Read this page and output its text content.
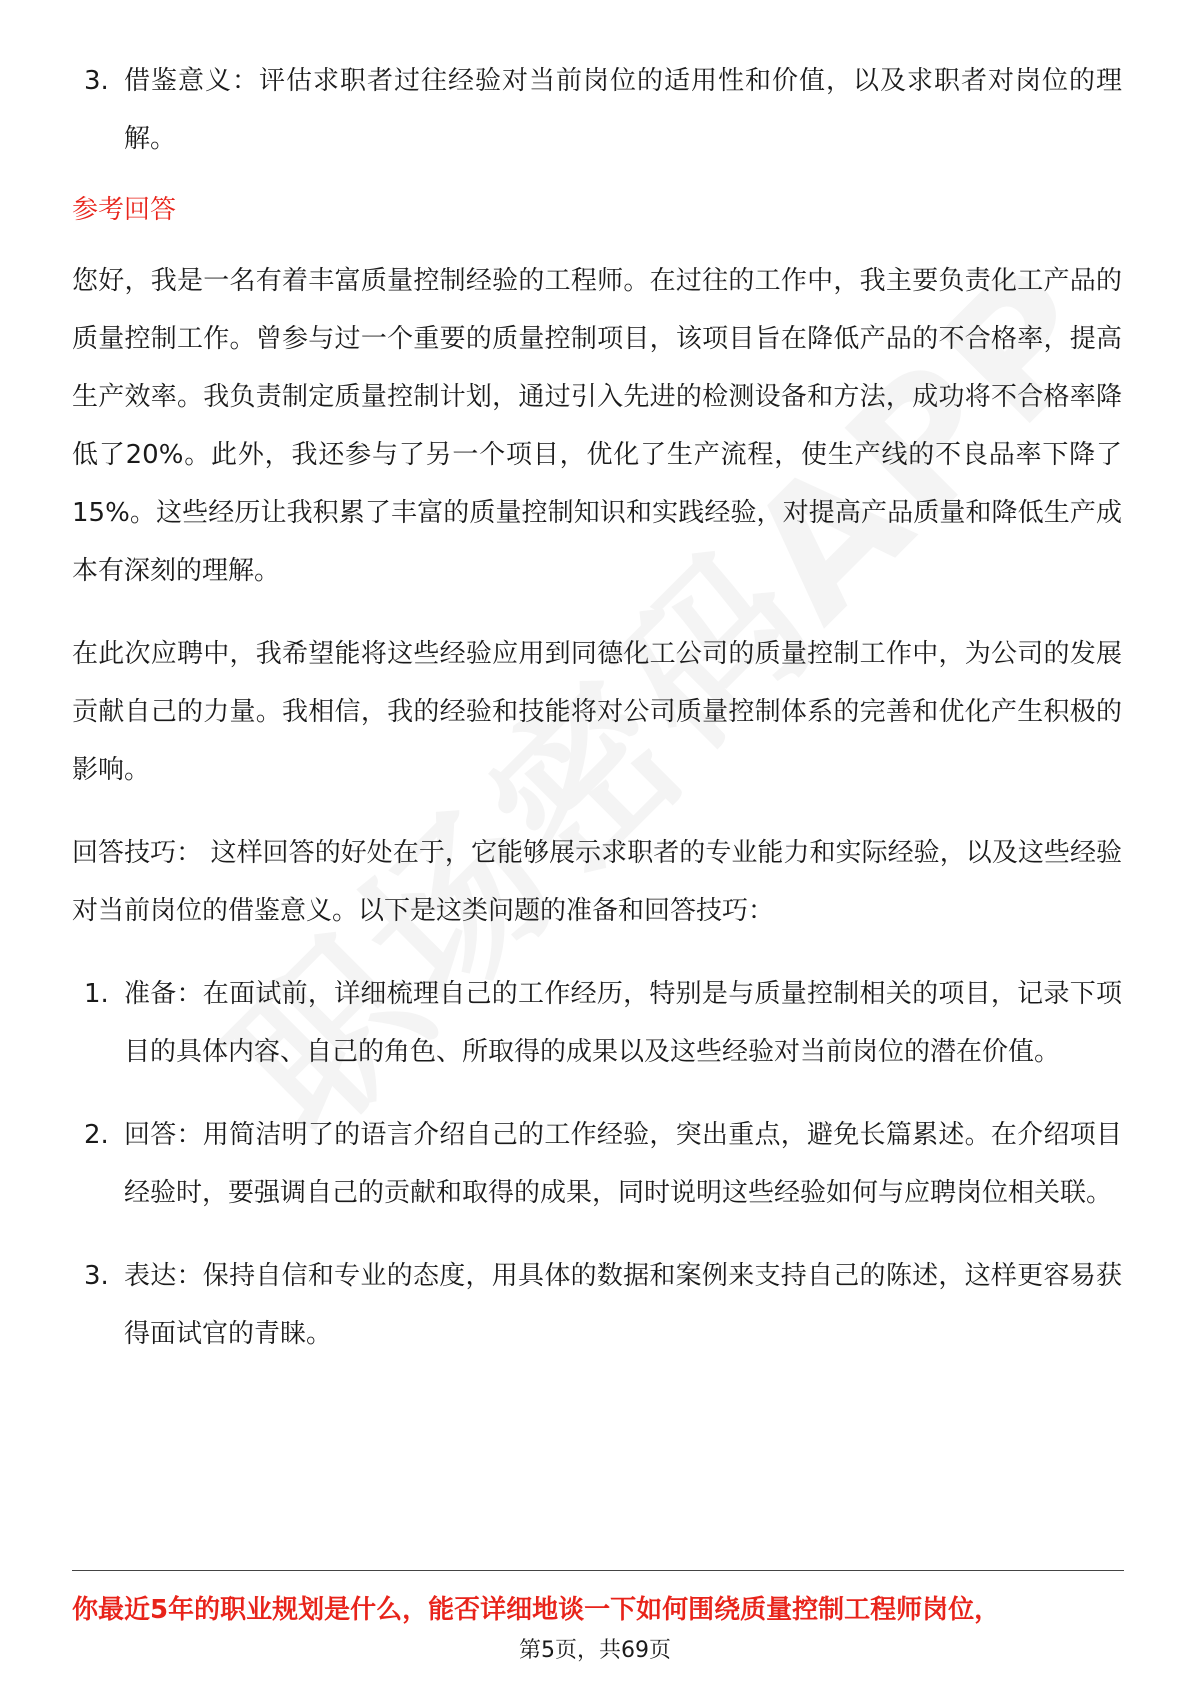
3. 借鉴意义：评估求职者过往经验对当前岗位的适用性和价值，以及求职者对岗位的理解。

参考回答

您好，我是一名有着丰富质量控制经验的工程师。在过往的工作中，我主要负责化工产品的质量控制工作。曾参与过一个重要的质量控制项目，该项目旨在降低产品的不合格率，提高生产效率。我负责制定质量控制计划，通过引入先进的检测设备和方法，成功将不合格率降低了20%。此外，我还参与了另一个项目，优化了生产流程，使生产线的不良品率下降了15%。这些经历让我积累了丰富的质量控制知识和实践经验，对提高产品质量和降低生产成本有深刻的理解。

在此次应聘中，我希望能将这些经验应用到同德化工公司的质量控制工作中，为公司的发展贡献自己的力量。我相信，我的经验和技能将对公司质量控制体系的完善和优化产生积极的影响。

回答技巧： 这样回答的好处在于，它能够展示求职者的专业能力和实际经验，以及这些经验对当前岗位的借鉴意义。以下是这类问题的准备和回答技巧：

1. 准备：在面试前，详细梳理自己的工作经历，特别是与质量控制相关的项目，记录下项目的具体内容、自己的角色、所取得的成果以及这些经验对当前岗位的潜在价值。
2. 回答：用简洁明了的语言介绍自己的工作经验，突出重点，避免长篇累述。在介绍项目经验时，要强调自己的贡献和取得的成果，同时说明这些经验如何与应聘岗位相关联。
3. 表达：保持自信和专业的态度，用具体的数据和案例来支持自己的陈述，这样更容易获得面试官的青睐。
你最近5年的职业规划是什么，能否详细地谈一下如何围绕质量控制工程师岗位，
第5页，共69页
